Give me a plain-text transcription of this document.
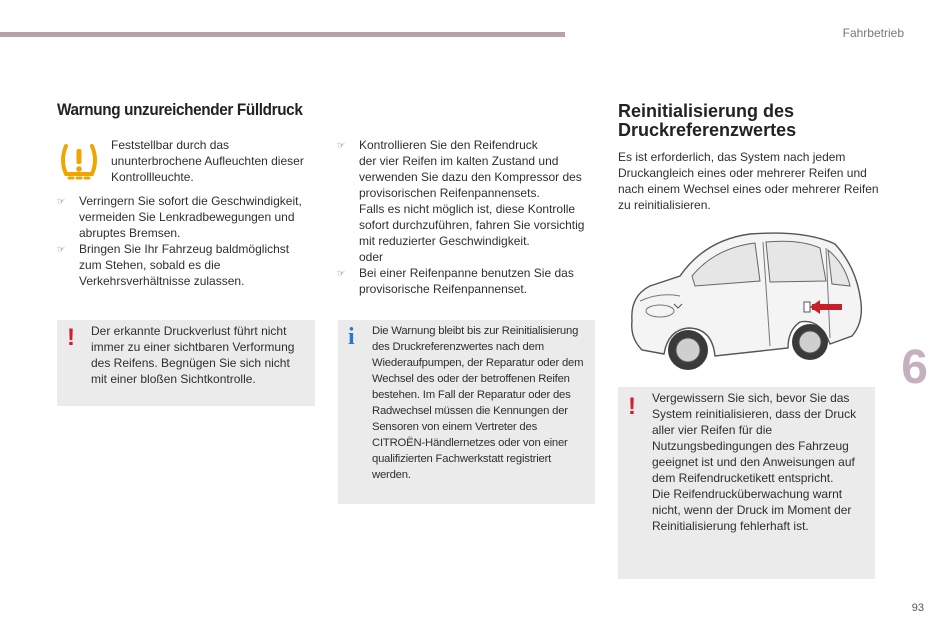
Fahrbetrieb
6
93
Warnung unzureichender Fülldruck
Feststellbar durch das ununterbrochene Aufleuchten dieser Kontrollleuchte.
☞ Verringern Sie sofort die Geschwindigkeit,
vermeiden Sie Lenkradbewegungen und abruptes Bremsen.
☞ Bringen Sie Ihr Fahrzeug baldmöglichst
zum Stehen, sobald es die Verkehrsverhältnisse zulassen.
! Der erkannte Druckverlust führt nicht immer zu einer sichtbaren Verformung des Reifens. Begnügen Sie sich nicht mit einer bloßen Sichtkontrolle.
☞ Kontrollieren Sie den Reifendruck
der vier Reifen im kalten Zustand und verwenden Sie dazu den Kompressor des provisorischen Reifenpannensets.
Falls es nicht möglich ist, diese Kontrolle sofort durchzuführen, fahren Sie vorsichtig mit reduzierter Geschwindigkeit.
oder
☞ Bei einer Reifenpanne benutzen Sie das
provisorische Reifenpannenset.
i Die Warnung bleibt bis zur Reinitialisierung des Druckreferenzwertes nach dem Wiederaufpumpen, der Reparatur oder dem Wechsel des oder der betroffenen Reifen bestehen. Im Fall der Reparatur oder des Radwechsel müssen die Kennungen der Sensoren von einem Vertreter des CITROËN-Händlernetzes oder von einer qualifizierten Fachwerkstatt registriert werden.
Reinitialisierung des Druckreferenzwertes
Es ist erforderlich, das System nach jedem Druckangleich eines oder mehrerer Reifen und nach einem Wechsel eines oder mehrerer Reifen zu reinitialisieren.
! Vergewissern Sie sich, bevor Sie das System reinitialisieren, dass der Druck aller vier Reifen für die Nutzungsbedingungen des Fahrzeug geeignet ist und den Anweisungen auf dem Reifendrucketikett entspricht.
Die Reifendrucküberwachung warnt nicht, wenn der Druck im Moment der Reinitialisierung fehlerhaft ist.
